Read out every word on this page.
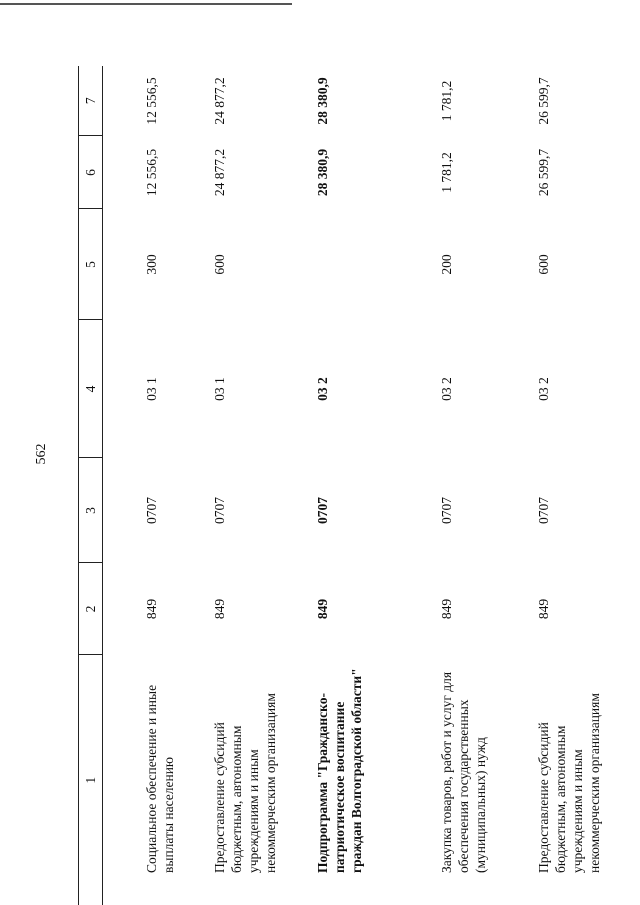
562
1	2	3	4	5	6	7
Социальное обеспечение и иные выплаты населению	849	0707	03 1	300	12 556,5	12 556,5
Предоставление субсидий бюджетным, автономным учреждениям и иным некоммерческим организациям	849	0707	03 1	600	24 877,2	24 877,2
Подпрограмма "Гражданско-патриотическое воспитание граждан Волгоградской области"	849	0707	03 2		28 380,9	28 380,9
Закупка товаров, работ и услуг для обеспечения государственных (муниципальных) нужд	849	0707	03 2	200	1 781,2	1 781,2
Предоставление субсидий бюджетным, автономным учреждениям и иным некоммерческим организациям	849	0707	03 2	600	26 599,7	26 599,7
